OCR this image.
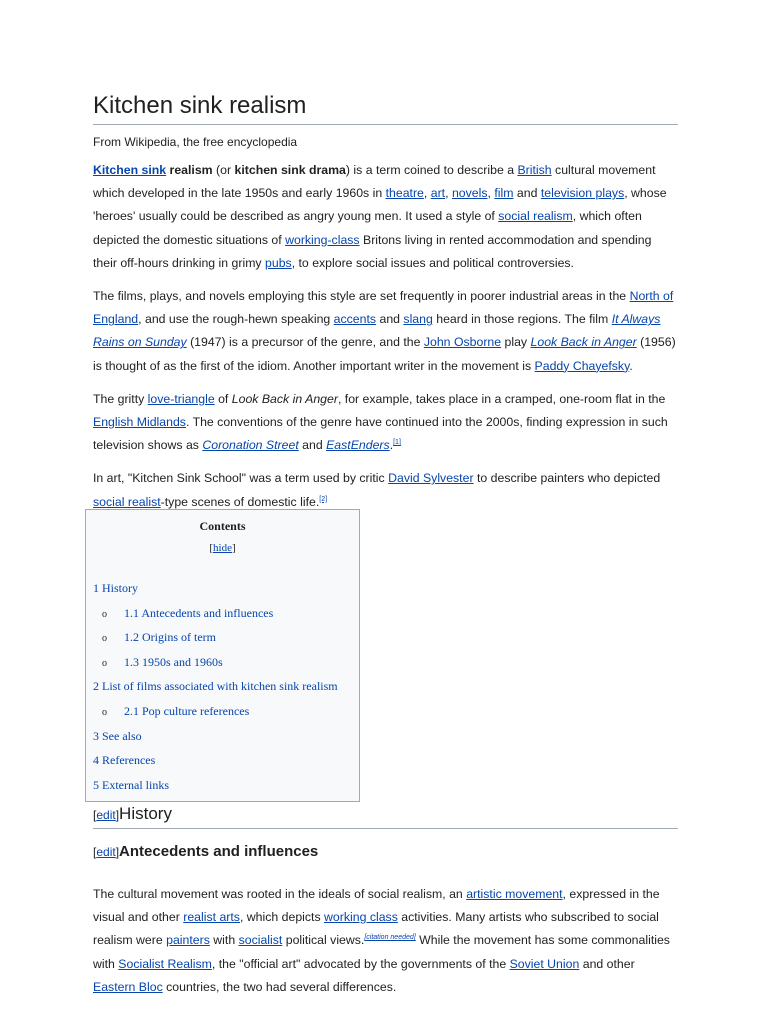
Kitchen sink realism
From Wikipedia, the free encyclopedia

Kitchen sink realism (or kitchen sink drama) is a term coined to describe a British cultural movement which developed in the late 1950s and early 1960s in theatre, art, novels, film and television plays, whose 'heroes' usually could be described as angry young men. It used a style of social realism, which often depicted the domestic situations of working-class Britons living in rented accommodation and spending their off-hours drinking in grimy pubs, to explore social issues and political controversies.

The films, plays, and novels employing this style are set frequently in poorer industrial areas in the North of England, and use the rough-hewn speaking accents and slang heard in those regions. The film It Always Rains on Sunday (1947) is a precursor of the genre, and the John Osborne play Look Back in Anger (1956) is thought of as the first of the idiom. Another important writer in the movement is Paddy Chayefsky.

The gritty love-triangle of Look Back in Anger, for example, takes place in a cramped, one-room flat in the English Midlands. The conventions of the genre have continued into the 2000s, finding expression in such television shows as Coronation Street and EastEnders.[1]

In art, "Kitchen Sink School" was a term used by critic David Sylvester to describe painters who depicted social realist-type scenes of domestic life.[2]

Contents
[hide]
1 History
o 1.1 Antecedents and influences
o 1.2 Origins of term
o 1.3 1950s and 1960s
2 List of films associated with kitchen sink realism
o 2.1 Pop culture references
3 See also
4 References
5 External links
[edit]History
[edit]Antecedents and influences

The cultural movement was rooted in the ideals of social realism, an artistic movement, expressed in the visual and other realist arts, which depicts working class activities. Many artists who subscribed to social realism were painters with socialist political views.[citation needed] While the movement has some commonalities with Socialist Realism, the "official art" advocated by the governments of the Soviet Union and other Eastern Bloc countries, the two had several differences.
